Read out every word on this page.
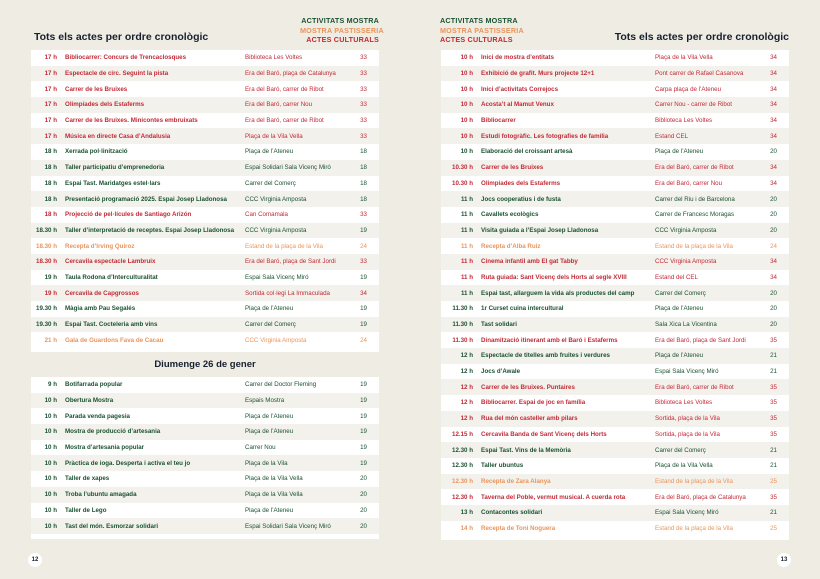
Tots els actes per ordre cronològic
ACTIVITATS MOSTRA
MOSTRA PASTISSERIA
ACTES CULTURALS
17 h	Bibliocarrer: Concurs de Trencaclosques	Biblioteca Les Voltes	33
17 h	Espectacle de circ. Seguint la pista	Era del Baró, plaça de Catalunya	33
17 h	Carrer de les Bruixes	Era del Baró, carrer de Ribot	33
17 h	Olimpíades dels Estaferms	Era del Baró, carrer Nou	33
17 h	Carrer de les Bruixes. Minicontes embruixats	Era del Baró, carrer de Ribot	33
17 h	Música en directe Casa d’Andalusia	Plaça de la Vila Vella	33
18 h	Xerrada pol·linització	Plaça de l’Ateneu	18
18 h	Taller participatiu d’emprenedoria	Espai Solidari Sala Vicenç Miró	18
18 h	Espai Tast. Maridatges estel·lars	Carrer del Comerç	18
18 h	Presentació programació 2025. Espai Josep Lladonosa	CCC Virginia Amposta	18
18 h	Projecció de pel·lícules de Santiago Arizón	Can Comamala	33
18.30 h	Taller d’interpretació de receptes. Espai Josep Lladonosa	CCC Virginia Amposta	19
18.30 h	Recepta d’Irving Quiroz	Estand de la plaça de la Vila	24
18.30 h	Cercavila espectacle Lambruix	Era del Baró, plaça de Sant Jordi	33
19 h	Taula Rodona d’Interculturalitat	Espai Sala Vicenç Miró	19
19 h	Cercavila de Capgrossos	Sortida col·legi La Immaculada	34
19.30 h	Màgia amb Pau Segalés	Plaça de l’Ateneu	19
19.30 h	Espai Tast. Cocteleria amb vins	Carrer del Comerç	19
21 h	Gala de Guardons Fava de Cacau	CCC Virginia Amposta	24
Diumenge 26 de gener
9 h	Botifarrada popular	Carrer del Doctor Fleming	19
10 h	Obertura Mostra	Espais Mostra	19
10 h	Parada venda pagesia	Plaça de l’Ateneu	19
10 h	Mostra de producció d’artesania	Plaça de l’Ateneu	19
10 h	Mostra d’artesania popular	Carrer Nou	19
10 h	Pràctica de ioga. Desperta i activa el teu jo	Plaça de la Vila	19
10 h	Taller de xapes	Plaça de la Vila Vella	20
10 h	Troba l’ubuntu amagada	Plaça de la Vila Vella	20
10 h	Taller de Lego	Plaça de l’Ateneu	20
10 h	Tast del món. Esmorzar solidari	Espai Solidari Sala Vicenç Miró	20
12
ACTIVITATS MOSTRA
MOSTRA PASTISSERIA
ACTES CULTURALS	Tots els actes per ordre cronològic
10 h	Inici de mostra d’entitats	Plaça de la Vila Vella	34
10 h	Exhibició de grafit. Murs projecte 12+1	Pont carrer de Rafael Casanova	34
10 h	Inici d’activitats Correjocs	Carpa plaça de l’Ateneu	34
10 h	Acosta’t al Mamut Venux	Carrer Nou - carrer de Ribot	34
10 h	Bibliocarrer	Biblioteca Les Voltes	34
10 h	Estudi fotogràfic. Les fotografies de família	Estand CEL	34
10 h	Elaboració del croissant artesà	Plaça de l’Ateneu	20
10.30 h	Carrer de les Bruixes	Era del Baró, carrer de Ribot	34
10.30 h	Olimpíades dels Estaferms	Era del Baró, carrer Nou	34
11 h	Jocs cooperatius i de fusta	Carrer del Riu i de Barcelona	20
11 h	Cavallets ecològics	Carrer de Francesc Moragas	20
11 h	Visita guiada a l’Espai Josep Lladonosa	CCC Virginia Amposta	20
11 h	Recepta d’Alba Ruiz	Estand de la plaça de la Vila	24
11 h	Cinema infantil amb El gat Tabby	CCC Virginia Amposta	34
11 h	Ruta guiada: Sant Vicenç dels Horts al segle XVIII	Estand del CEL	34
11 h	Espai tast, allarguem la vida als productes del camp	Carrer del Comerç	20
11.30 h	1r Curset cuina intercultural	Plaça de l’Ateneu	20
11.30 h	Tast solidari	Sala Xica La Vicentina	20
11.30 h	Dinamització itinerant amb el Baró i Estaferms	Era del Baró, plaça de Sant Jordi	35
12 h	Espectacle de titelles amb fruites i verdures	Plaça de l’Ateneu	21
12 h	Jocs d’Awale	Espai Sala Vicenç Miró	21
12 h	Carrer de les Bruixes. Puntaires	Era del Baró, carrer de Ribot	35
12 h	Bibliocarrer. Espai de joc en família	Biblioteca Les Voltes	35
12 h	Rua del món casteller amb pilars	Sortida, plaça de la Vila	35
12.15 h	Cercavila Banda de Sant Vicenç dels Horts	Sortida, plaça de la Vila	35
12.30 h	Espai Tast. Vins de la Memòria	Carrer del Comerç	21
12.30 h	Taller ubuntus	Plaça de la Vila Vella	21
12.30 h	Recepta de Zara Alanya	Estand de la plaça de la Vila	25
12.30 h	Taverna del Poble, vermut musical. A cuerda rota	Era del Baró, plaça de Catalunya	35
13 h	Contacontes solidari	Espai Sala Vicenç Miró	21
14 h	Recepta de Toni Noguera	Estand de la plaça de la Vila	25
13
